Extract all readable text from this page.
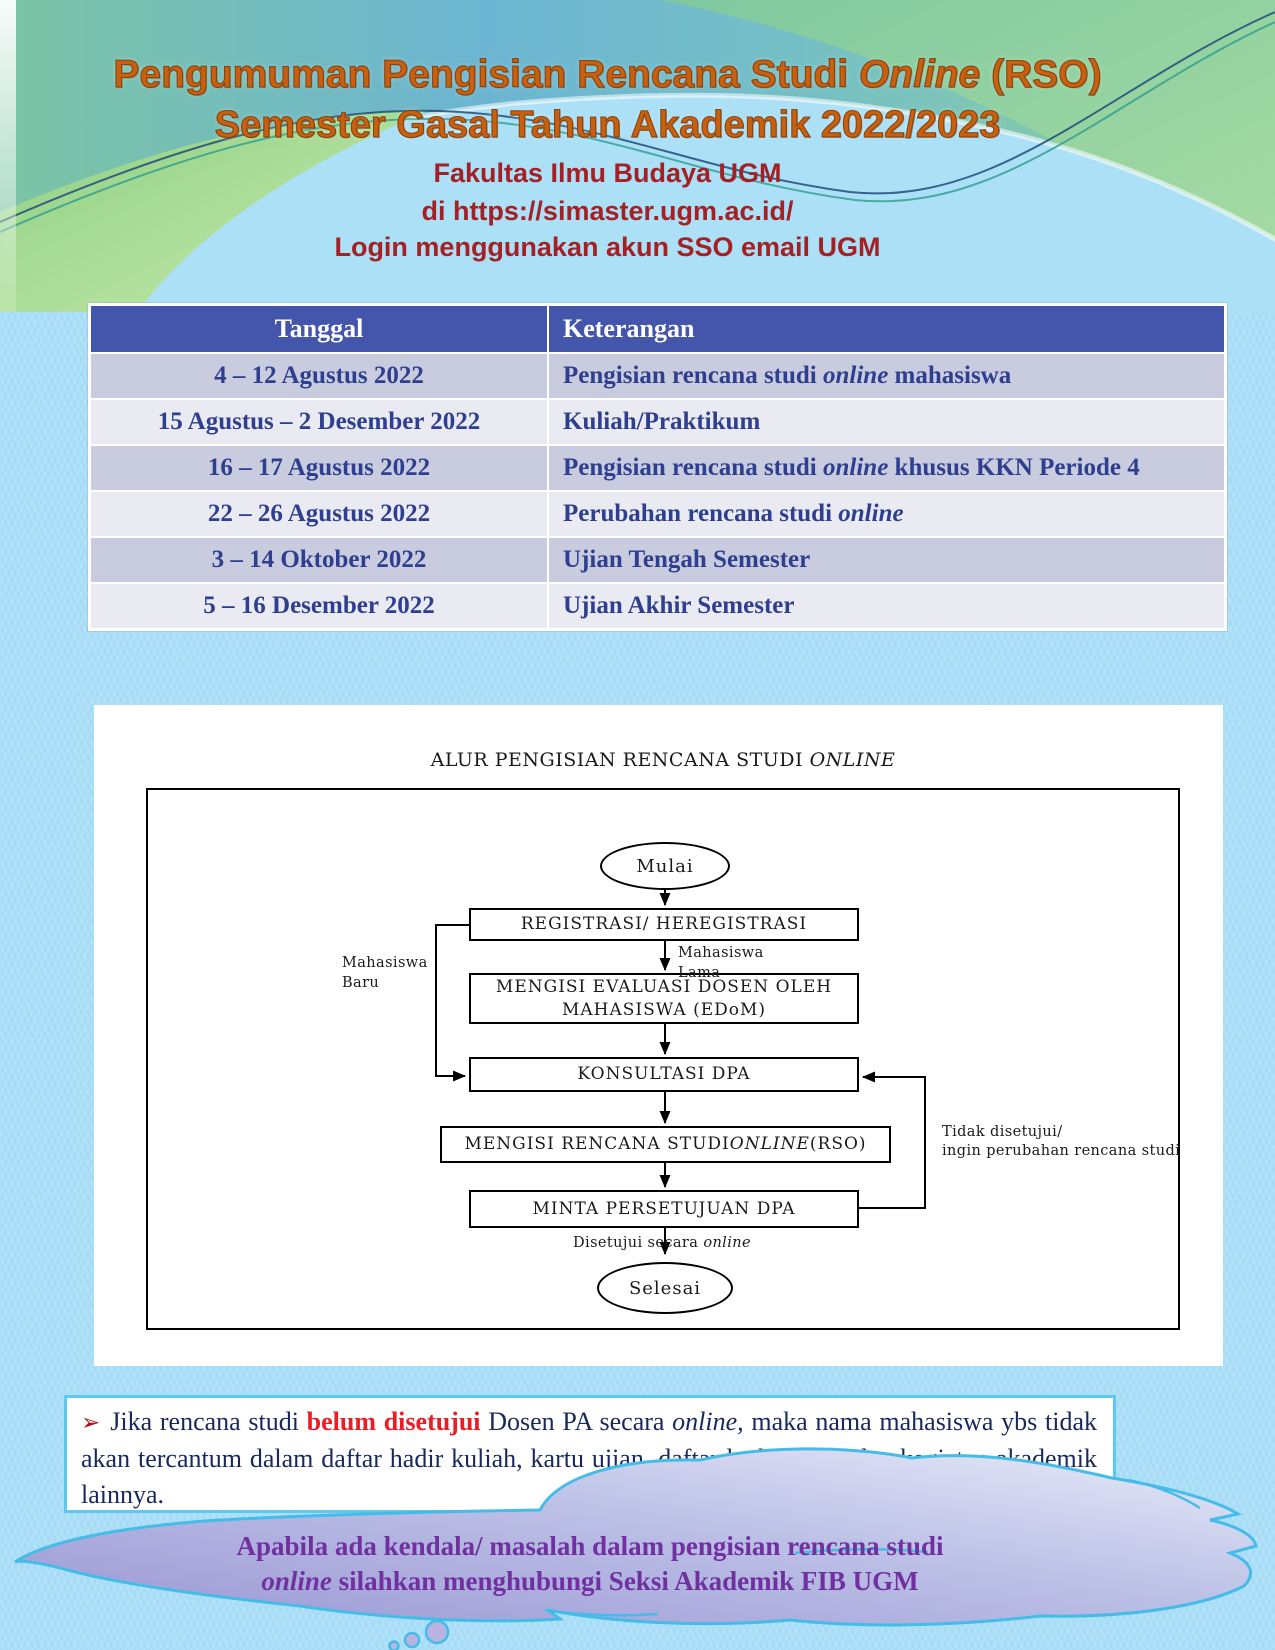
Pengumuman Pengisian Rencana Studi Online (RSO)
Semester Gasal Tahun Akademik 2022/2023
Fakultas Ilmu Budaya UGM
di https://simaster.ugm.ac.id/
Login menggunakan akun SSO email UGM
Tanggal	Keterangan
4 – 12 Agustus 2022	Pengisian rencana studi online mahasiswa
15 Agustus – 2 Desember 2022	Kuliah/Praktikum
16 – 17 Agustus 2022	Pengisian rencana studi online khusus KKN Periode 4
22 – 26 Agustus 2022	Perubahan rencana studi online
3 – 14 Oktober 2022	Ujian Tengah Semester
5 – 16 Desember 2022	Ujian Akhir Semester
ALUR PENGISIAN RENCANA STUDI ONLINE
Mulai
REGISTRASI/ HEREGISTRASI
MENGISI EVALUASI DOSEN OLEH
MAHASISWA (EDoM)
KONSULTASI DPA
MENGISI RENCANA STUDI ONLINE (RSO)
MINTA PERSETUJUAN DPA
Selesai
Mahasiswa
Lama
Mahasiswa
Baru
Tidak disetujui/
ingin perubahan rencana studi
Disetujui secara online
➢ Jika rencana studi belum disetujui Dosen PA secara online, maka nama mahasiswa ybs tidak akan tercantum dalam daftar hadir kuliah, kartu ujian, daftar hadir ujian, dan kegiatan akademik lainnya.
Apabila ada kendala/ masalah dalam pengisian rencana studi
online silahkan menghubungi Seksi Akademik FIB UGM
